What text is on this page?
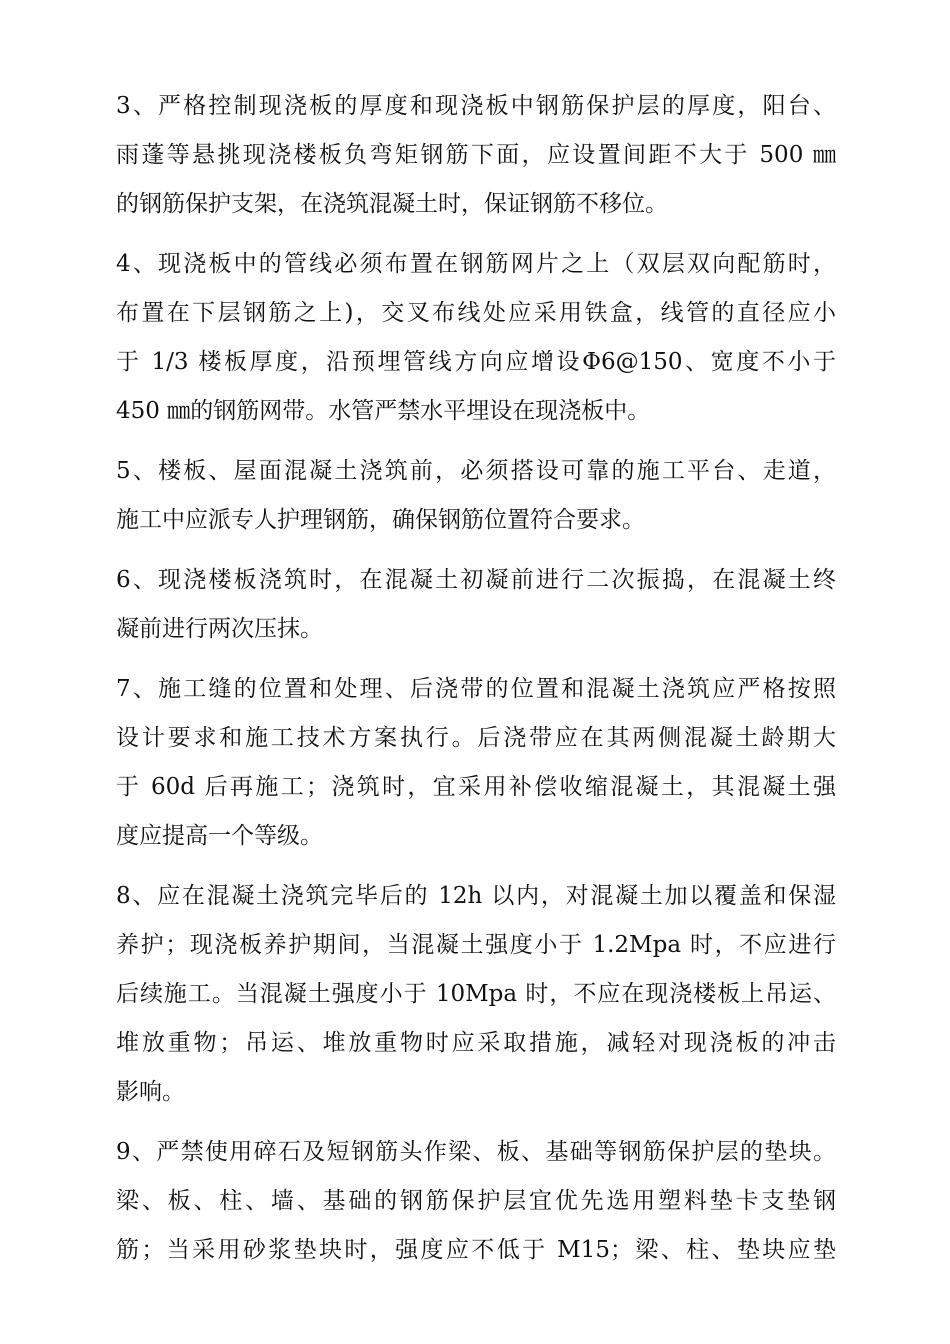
3、严格控制现浇板的厚度和现浇板中钢筋保护层的厚度，阳台、
雨蓬等悬挑现浇楼板负弯矩钢筋下面，应设置间距不大于 500 ㎜
的钢筋保护支架，在浇筑混凝土时，保证钢筋不移位。

4、现浇板中的管线必须布置在钢筋网片之上（双层双向配筋时，
布置在下层钢筋之上)，交叉布线处应采用铁盒，线管的直径应小
于 1/3 楼板厚度，沿预埋管线方向应增设Φ6@150、宽度不小于
450 ㎜的钢筋网带。水管严禁水平埋设在现浇板中。

5、楼板、屋面混凝土浇筑前，必须搭设可靠的施工平台、走道，
施工中应派专人护理钢筋，确保钢筋位置符合要求。

6、现浇楼板浇筑时，在混凝土初凝前进行二次振捣，在混凝土终
凝前进行两次压抹。

7、施工缝的位置和处理、后浇带的位置和混凝土浇筑应严格按照
设计要求和施工技术方案执行。后浇带应在其两侧混凝土龄期大
于 60d 后再施工；浇筑时，宜采用补偿收缩混凝土，其混凝土强
度应提高一个等级。

8、应在混凝土浇筑完毕后的 12h 以内，对混凝土加以覆盖和保湿
养护；现浇板养护期间，当混凝土强度小于 1.2Mpa 时，不应进行
后续施工。当混凝土强度小于 10Mpa 时，不应在现浇楼板上吊运、
堆放重物；吊运、堆放重物时应采取措施，减轻对现浇板的冲击
影响。

9、严禁使用碎石及短钢筋头作梁、板、基础等钢筋保护层的垫块。
梁、板、柱、墙、基础的钢筋保护层宜优先选用塑料垫卡支垫钢
筋；当采用砂浆垫块时，强度应不低于 M15；梁、柱、垫块应垫
